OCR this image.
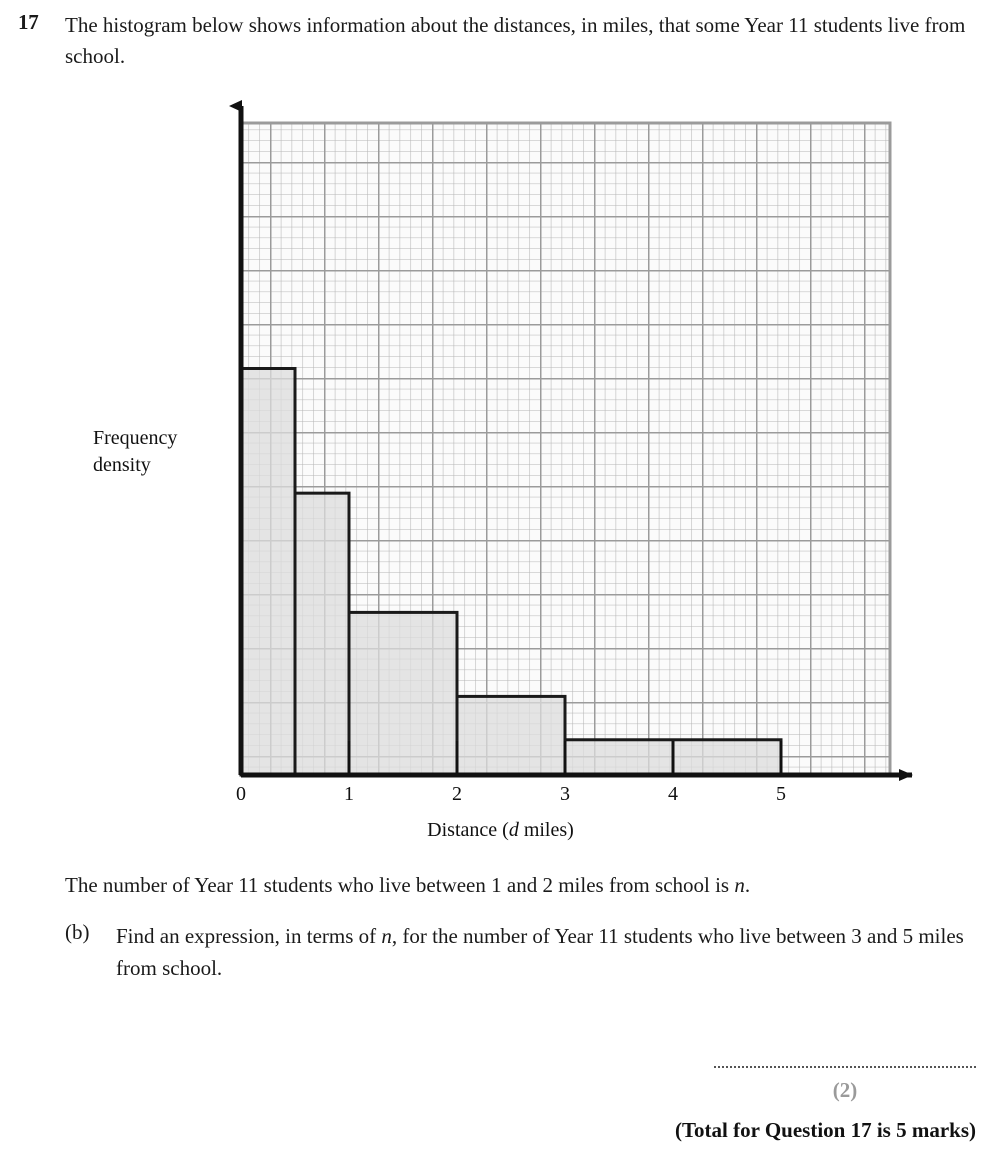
17 The histogram below shows information about the distances, in miles, that some Year 11 students live from school.
Frequency
density
Distance (d miles)
0	1	2	3	4	5
The number of Year 11 students who live between 1 and 2 miles from school is n.
(b) Find an expression, in terms of n, for the number of Year 11 students who live between 3 and 5 miles from school.
(2)
(Total for Question 17 is 5 marks)
